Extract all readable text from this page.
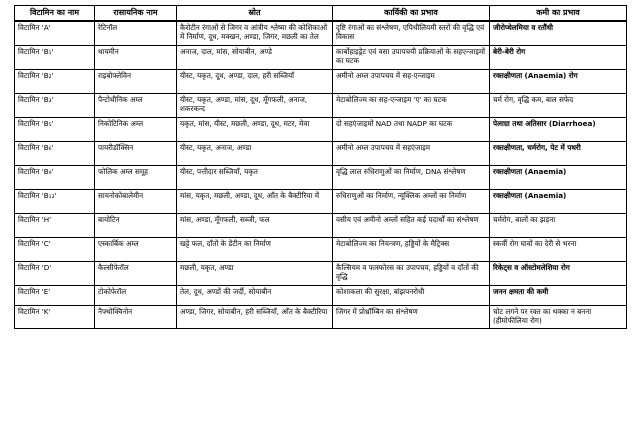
विटामिन का नाम	रासायनिक नाम	स्रोत	कार्यिकी का प्रभाव	कमी का प्रभाव
विटामिन 'A'	रेटिनॉल	कैरोटीन रंगाओं से जिगर व आंत्रीय श्लेष्मा की कोशिकाओं में निर्माण, दूध, मक्खन, अण्डा, जिगर, मछली का तेल	दृष्टि रंगाओं का संश्लेषण, एपिथीलियमी स्तरों की वृद्धि एवं विकास	जीरोप्थेलमिया व रतौंधी
विटामिन 'B₁'	थायमीन	अनाज, दाल, मांस, सोयाबीन, अण्डे	कार्बोहाइड्रेट एवं वसा उपापचयी प्रक्रियाओं के सहएन्जाइमों का घटक	बेरी-बेरी रोग
विटामिन 'B₂'	राइबोफ्लेविन	यीस्ट, यकृत, दूध, अण्डा, दाल, हरी सब्जियाँ	अमीनो अम्ल उपापचय में सह-एन्जाइम	रक्तक्षीणता (Anaemia) रोग
विटामिन 'B₃'	पैन्टोथीनिक अम्ल	यीस्ट, यकृत, अण्डा, मांस, दूध, मूँगफली, अनाज, शकरकन्द	मेटाबोलिज्म का सह-एन्जाइम 'ए' का घटक	चर्म रोग, वृद्धि कम, बाल सफेद
विटामिन 'B₅'	निकोटिनिक अम्ल	यकृत, मांस, यीस्ट, मछली, अण्डा, दूध, मटर, मेवा	दो सहएंजाइमों NAD तथा NADP का घटक	पेलाग्रा तथा अतिसार (Diarrhoea)
विटामिन 'B₆'	पायरीडॉक्सिन	यीस्ट, यकृत, अनाज, अण्डा	अमीनो अम्ल उपापचय में सहएंजाइम	रक्तक्षीणता, चर्मरोग, पेट में पथरी
विटामिन 'B₉'	फोलिक अम्ल समूह	यीस्ट, पत्तीदार सब्जियाँ, यकृत	वृद्धि लाल रुधिराणुओं का निर्माण, DNA संश्लेषण	रक्तक्षीणता (Anaemia)
विटामिन 'B₁₂'	सायनोकोबालेमीन	मांस, यकृत, मछली, अण्डा, दूध, आँत के बैक्टीरिया में	रुधिराणुओं का निर्माण, न्यूक्लिक अम्लों का निर्माण	रक्तक्षीणता (Anaemia)
विटामिन 'H'	बायोटिन	मांस, अण्डा, मूँगफली, सब्जी, फल	वसीय एवं अमीनो अम्लों सहित कई पदार्थों का संश्लेषण	चर्मरोग, बालों का झड़ना
विटामिन 'C'	एस्कार्बिक अम्ल	खट्टे फल, दाँतों के डेंटीन का निर्माण	मेटाबोलिज्म का नियन्त्रण, हड्डियों के मैट्रिक्स	स्कर्वी रोग घावों का देरी से भरना
विटामिन 'D'	कैल्सीफेरॉल	मछली, यकृत, अण्डा	कैल्सियम व फास्फोरस का उपापचय, हड्डियों व दाँतों की वृद्धि	रिकेट्स व ऑस्टोमलेशिया रोग
विटामिन 'E'	टोकोफेरॉल	तेल, दूध, अण्डों की जर्दी, सोयाबीन	कोशाकला की सुरक्षा, बांझपनरोधी	जनन क्षमता की कमी
विटामिन 'K'	नैफ्थोक्विनोन	अण्डा, जिगर, सोयाबीन, हरी सब्जियाँ, आँत के बैक्टीरिया	जिगर में प्रोथ्रॉम्बिन का संश्लेषण	चोट लगने पर रक्त का थक्का न बनना (हीमोफीलिया रोग)
